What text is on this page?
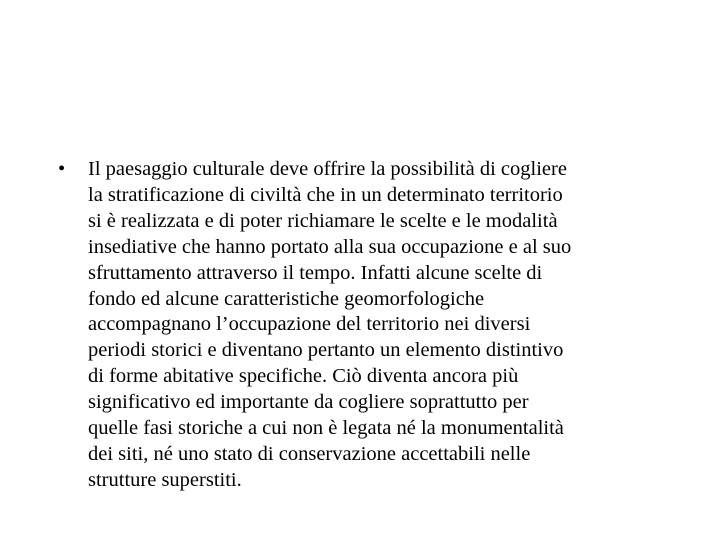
•	Il paesaggio culturale deve offrire la possibilità di cogliere
la stratificazione di civiltà che in un determinato territorio
si è realizzata e di poter richiamare le scelte e le modalità
insediative che hanno portato alla sua occupazione e al suo
sfruttamento attraverso il tempo. Infatti alcune scelte di
fondo ed alcune caratteristiche geomorfologiche
accompagnano l’occupazione del territorio nei diversi
periodi storici e diventano pertanto un elemento distintivo
di forme abitative specifiche. Ciò diventa ancora più
significativo ed importante da cogliere soprattutto per
quelle fasi storiche a cui non è legata né la monumentalità
dei siti, né uno stato di conservazione accettabili nelle
strutture superstiti.
